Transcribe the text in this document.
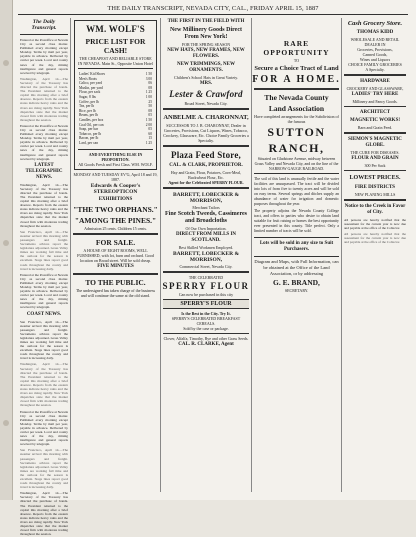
THE DAILY TRANSCRIPT, NEVADA CITY, CAL., FRIDAY APRIL 15, 1887
The Daily Transcript.
Entered at the Postoffice at Nevada City as second class matter. Published every morning except Monday. Terms by mail per year, payable in advance. Delivered by carrier per week. Local and county news of the day, mining intelligence and general reports received by telegraph.
Washington, April 14.—The Secretary of the Treasury has directed the purchase of bonds. The President returned to the capital this morning after a brief absence. Reports from the eastern states indicate heavy rains and the rivers are rising rapidly. New York dispatches state that the market closed firm with moderate trading throughout the session.
Entered at the Postoffice at Nevada City as second class matter. Published every morning except Monday. Terms by mail per year, payable in advance. Delivered by carrier per week. Local and county news of the day, mining intelligence and general reports received by telegraph.
LATEST TELEGRAPHIC NEWS.
Washington, April 14.—The Secretary of the Treasury has directed the purchase of bonds. The President returned to the capital this morning after a brief absence. Reports from the eastern states indicate heavy rains and the rivers are rising rapidly. New York dispatches state that the market closed firm with moderate trading throughout the session.
San Francisco, April 14.—The steamer arrived this morning with passengers and freight. Sacramento advices report the legislature adjourned. Grass Valley mines are working full time and the outlook for the season is excellent. Stage lines report good roads throughout the county and travel is increasing daily.
Entered at the Postoffice at Nevada City as second class matter. Published every morning except Monday. Terms by mail per year, payable in advance. Delivered by carrier per week. Local and county news of the day, mining intelligence and general reports received by telegraph.
COAST NEWS.
San Francisco, April 14.—The steamer arrived this morning with passengers and freight. Sacramento advices report the legislature adjourned. Grass Valley mines are working full time and the outlook for the season is excellent. Stage lines report good roads throughout the county and travel is increasing daily.
Washington, April 14.—The Secretary of the Treasury has directed the purchase of bonds. The President returned to the capital this morning after a brief absence. Reports from the eastern states indicate heavy rains and the rivers are rising rapidly. New York dispatches state that the market closed firm with moderate trading throughout the session.
Entered at the Postoffice at Nevada City as second class matter. Published every morning except Monday. Terms by mail per year, payable in advance. Delivered by carrier per week. Local and county news of the day, mining intelligence and general reports received by telegraph.
San Francisco, April 14.—The steamer arrived this morning with passengers and freight. Sacramento advices report the legislature adjourned. Grass Valley mines are working full time and the outlook for the season is excellent. Stage lines report good roads throughout the county and travel is increasing daily.
Washington, April 14.—The Secretary of the Treasury has directed the purchase of bonds. The President returned to the capital this morning after a brief absence. Reports from the eastern states indicate heavy rains and the rivers are rising rapidly. New York dispatches state that the market closed firm with moderate trading throughout the session.
WM. WOLF'S
PRICE LIST FOR CASH!
THE CHEAPEST AND RELIABLE STORE IN NEVADA. Main St., Opposite Union Hotel
Ladies' Kid Shoes	1 50
Men's Boots	3 00
Calico, per yard	06
Muslin, per yard	08
Flour, per sack	1 25
Sugar, 8 lbs	1 00
Coffee, per lb	25
Tea, per lb	50
Rice, per lb	08
Beans, per lb	05
Candles, per box	1 50
Coal Oil, per can	2 00
Soap, per bar	05
Tobacco, per lb	60
Bacon, per lb	15
Lard, per can	1 25
AND EVERYTHING ELSE IN PROPORTION.
All Goods Fresh and First Class. WM. WOLF.
MONDAY AND TUESDAY EV'G, April 18 and 19, 1887.
Edwards & Cooper's STEREOPTICON
EXHIBITIONS
"THE TWO ORPHANS."
"AMONG THE PINES."
Admission 25 cents. Children 15 cents.
FOR SALE.
A HOUSE OF EIGHT ROOMS, WELL FURNISHED, with lot, barn and orchard. Good location on Broad street. Will be sold cheap.
FIVE MINUTES
TO THE PUBLIC.
The undersigned has taken charge of the business and will continue the same at the old stand.
THE FIRST IN THE FIELD WITH
New Millinery Goods Direct From New York!
FOR THE SPRING SEASON
NEW HATS, NEW FRAMES, NEW FLOWERS.
NEW TRIMMINGS, NEW ORNAMENTS.
Children's School Hats in Great Variety.
MRS.
Lester & Crawford
Broad Street, Nevada City.
ANBELME A. CHARONNAT,
SUCCESSOR TO J. B. CHARONNAT, Dealer in Groceries, Provisions, Cut Liquors, Wines, Tobacco, Crockery, Glassware, Etc. Choice Family Groceries a Specialty.
Plaza Feed Store,
CAL. & CLARK, PROPRIETOR.
Hay and Grain, Flour, Potatoes, Corn-Meal, Buckwheat Flour, Etc.
Agent for the Celebrated SPERRY FLOUR.
BARRETT, LOBECKER & MORRISON,
Merchant Tailors
Fine Scotch Tweeds, Cassimeres and Broadcloths
Of Our Own Importation.
DIRECT FROM MILLS IN SCOTLAND.
Best Skilled Workmen Employed.
BARRETT, LOBECKER & MORRISON,
Commercial Street, Nevada City.
THE CELEBRATED
SPERRY FLOUR
Can now be purchased in this city
SPERRY'S FLOUR
Is the Best in the City. Try It.
SPERRY'S CELEBRATED BREAKFAST CEREALS.
Sold by the case or package.
Clover, Alfalfa, Timothy, Rye and other Grass Seeds.
CAL. R. CLARKE, Agent
RARE OPPORTUNITY
TO
Secure a Choice Tract of Land
FOR A HOME.
The Nevada County
Land Association
Have completed arrangements for the Subdivision of the famous
SUTTON RANCH,
Situated on Gladstone Avenue, midway between Grass Valley and Nevada City, and on the line of the NARROW GAUGE RAILROAD.
The soil of this land is unusually fertile and the water facilities are unsurpassed. The tract will be divided into lots of from five to twenty acres and will be sold on easy terms. Several springs and ditches supply an abundance of water for irrigation and domestic purposes throughout the year.
The property adjoins the Nevada County College tract, and offers to parties who desire to obtain land suitable for fruit raising or homes the best opportunity ever presented in this county. Title perfect. Only a limited number of tracts will be sold.
Lots will be sold in any size to Suit Purchasers.
Diagram and Maps, with Full Information, can be obtained at the Office of the Land Association, or by addressing
G. E. BRAND,
SECRETARY.
Cash Grocery Store.
THOMAS KIDD
WHOLESALE AND RETAIL DEALER IN
Groceries, Provisions,
Canned Goods,
Wines and Liquors
CHOICE FAMILY GROCERIES
A Specialty.
HARDWARE
CROCKERY AND GLASSWARE,
LADIES' TRY HERE
Millinery and Fancy Goods.
ARCHITECT
MAGNETIC WORKS!
Barn and Grain Feed.
SIEMON'S MAGNETIC GLOBE.
THE CURE FOR DISEASES.
FLOUR AND GRAIN
300 Per Sack
LOWEST PRICES.
FIRE DISTRICTS
NEW PLANING MILLS
Notice to the Creek in Favor of City.
All persons are hereby notified that the assessment for the current year is now due and payable at the office of the Collector.
All persons are hereby notified that the assessment for the current year is now due and payable at the office of the Collector.
